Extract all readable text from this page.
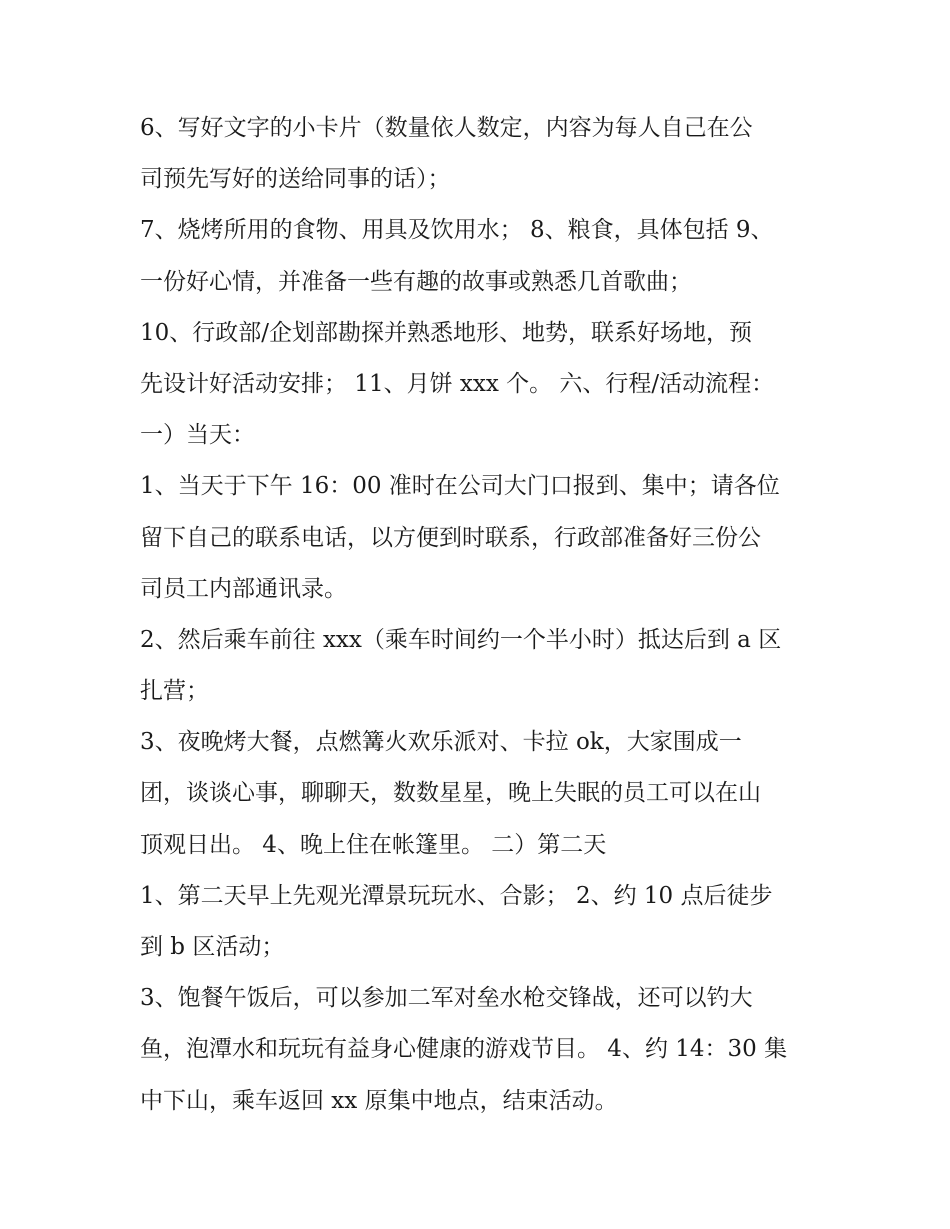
6、写好文字的小卡片（数量依人数定，内容为每人自己在公
司预先写好的送给同事的话）；
7、烧烤所用的食物、用具及饮用水； 8、粮食，具体包括 9、
一份好心情，并准备一些有趣的故事或熟悉几首歌曲；
10、行政部/企划部勘探并熟悉地形、地势，联系好场地，预
先设计好活动安排； 11、月饼 xxx 个。 六、行程/活动流程：
一）当天：
1、当天于下午 16：00 准时在公司大门口报到、集中；请各位
留下自己的联系电话，以方便到时联系，行政部准备好三份公
司员工内部通讯录。
2、然后乘车前往 xxx（乘车时间约一个半小时）抵达后到 a 区
扎营；
3、夜晚烤大餐，点燃篝火欢乐派对、卡拉 ok，大家围成一
团，谈谈心事，聊聊天，数数星星，晚上失眠的员工可以在山
顶观日出。 4、晚上住在帐篷里。 二）第二天
1、第二天早上先观光潭景玩玩水、合影； 2、约 10 点后徒步
到 b 区活动；
3、饱餐午饭后，可以参加二军对垒水枪交锋战，还可以钓大
鱼，泡潭水和玩玩有益身心健康的游戏节目。 4、约 14：30 集
中下山，乘车返回 xx 原集中地点，结束活动。
